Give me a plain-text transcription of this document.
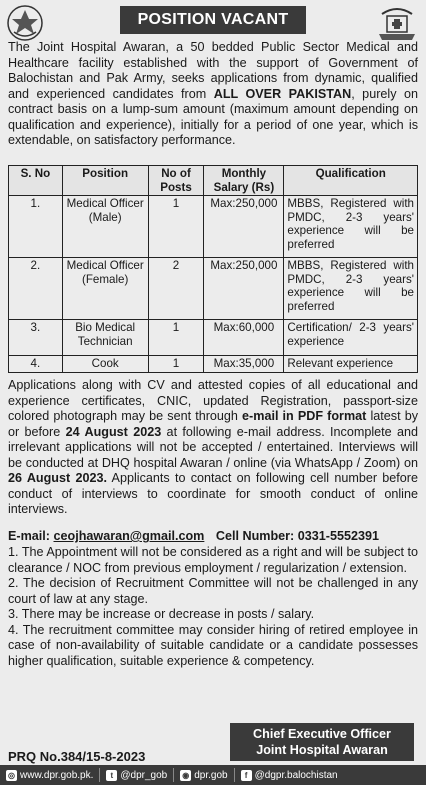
POSITION VACANT
The Joint Hospital Awaran, a 50 bedded Public Sector Medical and Healthcare facility established with the support of Government of Balochistan and Pak Army, seeks applications from dynamic, qualified and experienced candidates from ALL OVER PAKISTAN, purely on contract basis on a lump-sum amount (maximum amount depending on qualification and experience), initially for a period of one year, which is extendable, on satisfactory performance.
S. No	Position	No of Posts	Monthly Salary (Rs)	Qualification
1.	Medical Officer (Male)	1	Max:250,000	MBBS, Registered with PMDC, 2-3 years' experience will be preferred
2.	Medical Officer (Female)	2	Max:250,000	MBBS, Registered with PMDC, 2-3 years' experience will be preferred
3.	Bio Medical Technician	1	Max:60,000	Certification/ 2-3 years' experience
4.	Cook	1	Max:35,000	Relevant experience
Applications along with CV and attested copies of all educational and experience certificates, CNIC, updated Registration, passport-size colored photograph may be sent through e-mail in PDF format latest by or before 24 August 2023 at following e-mail address. Incomplete and irrelevant applications will not be accepted / entertained. Interviews will be conducted at DHQ hospital Awaran / online (via WhatsApp / Zoom) on 26 August 2023. Applicants to contact on following cell number before conduct of interviews to coordinate for smooth conduct of online interviews.
E-mail: ceojhawaran@gmail.com Cell Number: 0331-5552391

1. The Appointment will not be considered as a right and will be subject to clearance / NOC from previous employment / regularization / extension.

2. The decision of Recruitment Committee will not be challenged in any court of law at any stage.

3. There may be increase or decrease in posts / salary.

4. The recruitment committee may consider hiring of retired employee in case of non-availability of suitable candidate or a candidate possesses higher qualification, suitable experience & competency.

PRQ No.384/15-8-2023
Chief Executive Officer
Joint Hospital Awaran
◎ www.dpr.gob.pk.	t @dpr_gob ◉ dpr.gob	f @dgpr.balochistan
